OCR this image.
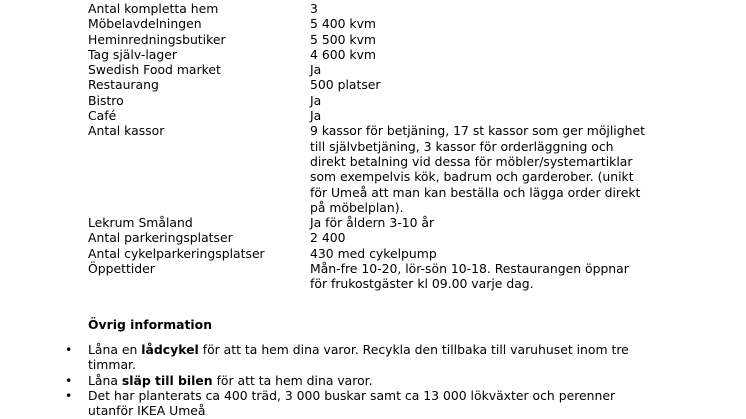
Antal kompletta hem	3
Möbelavdelningen	5 400 kvm
Heminredningsbutiker	5 500 kvm
Tag själv-lager	4 600 kvm
Swedish Food market	Ja
Restaurang	500 platser
Bistro	Ja
Café	Ja
Antal kassor	9 kassor för betjäning, 17 st kassor som ger möjlighet till självbetjäning, 3 kassor för orderläggning och direkt betalning vid dessa för möbler/systemartiklar som exempelvis kök, badrum och garderober. (unikt för Umeå att man kan beställa och lägga order direkt på möbelplan).
Lekrum Småland	Ja för åldern 3-10 år
Antal parkeringsplatser	2 400
Antal cykelparkeringsplatser	430 med cykelpump
Öppettider	Mån-fre 10-20, lör-sön 10-18. Restaurangen öppnar för frukostgäster kl 09.00 varje dag.
Övrig information
• Låna en lådcykel för att ta hem dina varor. Recykla den tillbaka till varuhuset inom tre timmar.
• Låna släp till bilen för att ta hem dina varor.
• Det har planterats ca 400 träd, 3 000 buskar samt ca 13 000 lökväxter och perenner utanför IKEA Umeå
